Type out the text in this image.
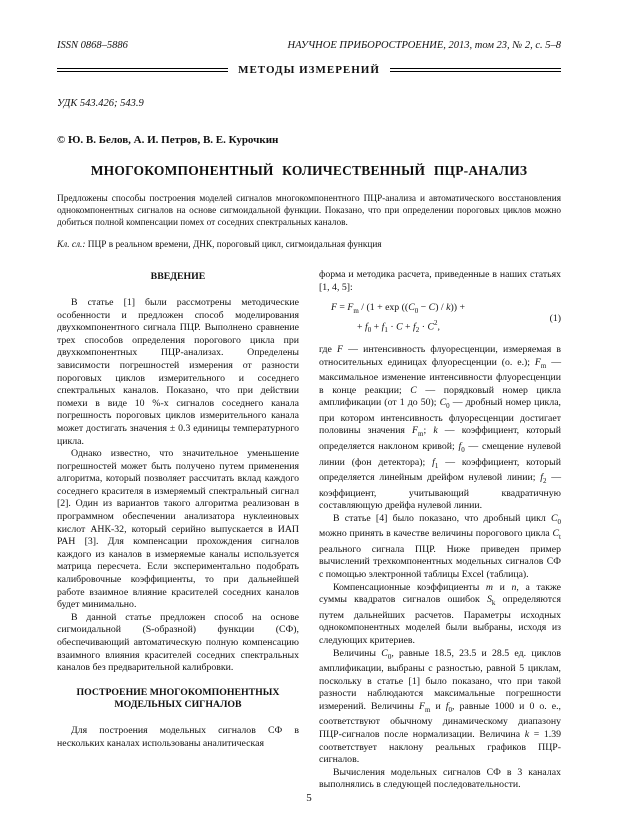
ISSN 0868–5886	НАУЧНОЕ ПРИБОРОСТРОЕНИЕ, 2013, том 23, № 2, c. 5–8
МЕТОДЫ ИЗМЕРЕНИЙ
УДК 543.426; 543.9
© Ю. В. Белов, А. И. Петров, В. Е. Курочкин
МНОГОКОМПОНЕНТНЫЙ КОЛИЧЕСТВЕННЫЙ ПЦР-АНАЛИЗ

Предложены способы построения моделей сигналов многокомпонентного ПЦР-анализа и автоматического восстановления однокомпонентных сигналов на основе сигмоидальной функции. Показано, что при определении пороговых циклов можно добиться полной компенсации помех от соседних спектральных каналов.

Кл. сл.: ПЦР в реальном времени, ДНК, пороговый цикл, сигмоидальная функция

ВВЕДЕНИЕ

В статье [1] были рассмотрены методические особенности и предложен способ моделирования двухкомпонентного сигнала ПЦР. Выполнено сравнение трех способов определения порогового цикла при двухкомпонентных ПЦР-анализах. Определены зависимости погрешностей измерения от разности пороговых циклов измерительного и соседнего спектральных каналов. Показано, что при действии помехи в виде 10 %-х сигналов соседнего канала погрешность пороговых циклов измерительного канала может достигать значения ± 0.3 единицы температурного цикла.

Однако известно, что значительное уменьшение погрешностей может быть получено путем применения алгоритма, который позволяет рассчитать вклад каждого соседнего красителя в измеряемый спектральный сигнал [2]. Один из вариантов такого алгоритма реализован в программном обеспечении анализатора нуклеиновых кислот АНК-32, который серийно выпускается в ИАП РАН [3]. Для компенсации прохождения сигналов каждого из каналов в измеряемые каналы используется матрица пересчета. Если экспериментально подобрать калибровочные коэффициенты, то при дальнейшей работе взаимное влияние красителей соседних каналов будет минимально.

В данной статье предложен способ на основе сигмоидальной (S-образной) функции (СФ), обеспечивающий автоматическую полную компенсацию взаимного влияния красителей соседних спектральных каналов без предварительной калибровки.

ПОСТРОЕНИЕ МНОГОКОМПОНЕНТНЫХ МОДЕЛЬНЫХ СИГНАЛОВ

Для построения модельных сигналов СФ в нескольких каналах использованы аналитическая

форма и методика расчета, приведенные в наших статьях [1, 4, 5]:

$F = F_m / (1 + \exp ((C_0 - C) / k))$ +
+ $f_0 + f_1 \cdot C + f_2 \cdot C^2$,
(1)

где F — интенсивность флуоресценции, измеряемая в относительных единицах флуоресценции (о. е.); $F_m$ — максимальное изменение интенсивности флуоресценции в конце реакции; C — порядковый номер цикла амплификации (от 1 до 50); $C_0$ — дробный номер цикла, при котором интенсивность флуоресценции достигает половины значения $F_m$; k — коэффициент, который определяется наклоном кривой; $f_0$ — смещение нулевой линии (фон детектора); $f_1$ — коэффициент, который определяется линейным дрейфом нулевой линии; $f_2$ — коэффициент, учитывающий квадратичную составляющую дрейфа нулевой линии.

В статье [4] было показано, что дробный цикл $C_0$ можно принять в качестве величины порогового цикла $C_t$ реального сигнала ПЦР. Ниже приведен пример вычислений трехкомпонентных модельных сигналов СФ с помощью электронной таблицы Excel (таблица).

Компенсационные коэффициенты m и n, а также суммы квадратов сигналов ошибок $S_k$ определяются путем дальнейших расчетов. Параметры исходных однокомпонентных моделей были выбраны, исходя из следующих критериев.

Величины $C_0$, равные 18.5, 23.5 и 28.5 ед. циклов амплификации, выбраны с разностью, равной 5 циклам, поскольку в статье [1] было показано, что при такой разности наблюдаются максимальные погрешности измерений. Величины $F_m$ и $f_0$, равные 1000 и 0 о. е., соответствуют обычному динамическому диапазону ПЦР-сигналов после нормализации. Величина k = 1.39 соответствует наклону реальных графиков ПЦР-сигналов.

Вычисления модельных сигналов СФ в 3 каналах выполнялись в следующей последовательности.

5
